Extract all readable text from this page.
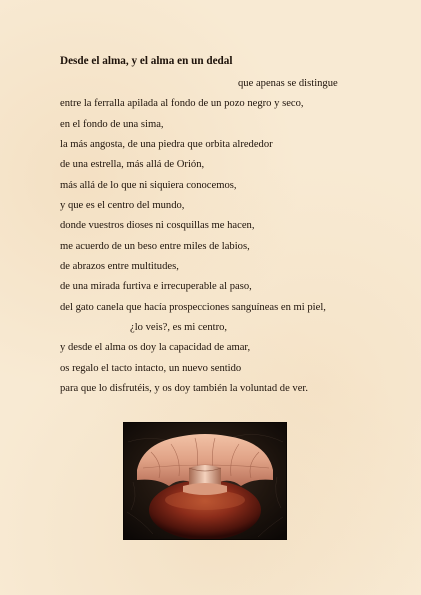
Desde el alma, y el alma en un dedal
que apenas se distingue
entre la ferralla apilada al fondo de un pozo negro y seco,
en el fondo de una sima,
la más angosta, de una piedra que orbita alrededor
de una estrella, más allá de Orión,
más allá de lo que ni siquiera conocemos,
y que es el centro del mundo,
donde vuestros dioses ni cosquillas me hacen,
me acuerdo de un beso entre miles de labios,
de abrazos entre multitudes,
de una mirada furtiva e irrecuperable al paso,
del gato canela que hacía prospecciones sanguíneas en mi piel,
¿lo veis?, es mi centro,
y desde el alma os doy la capacidad de amar,
os regalo el tacto intacto, un nuevo sentido
para que lo disfrutéis, y os doy también la voluntad de ver.
